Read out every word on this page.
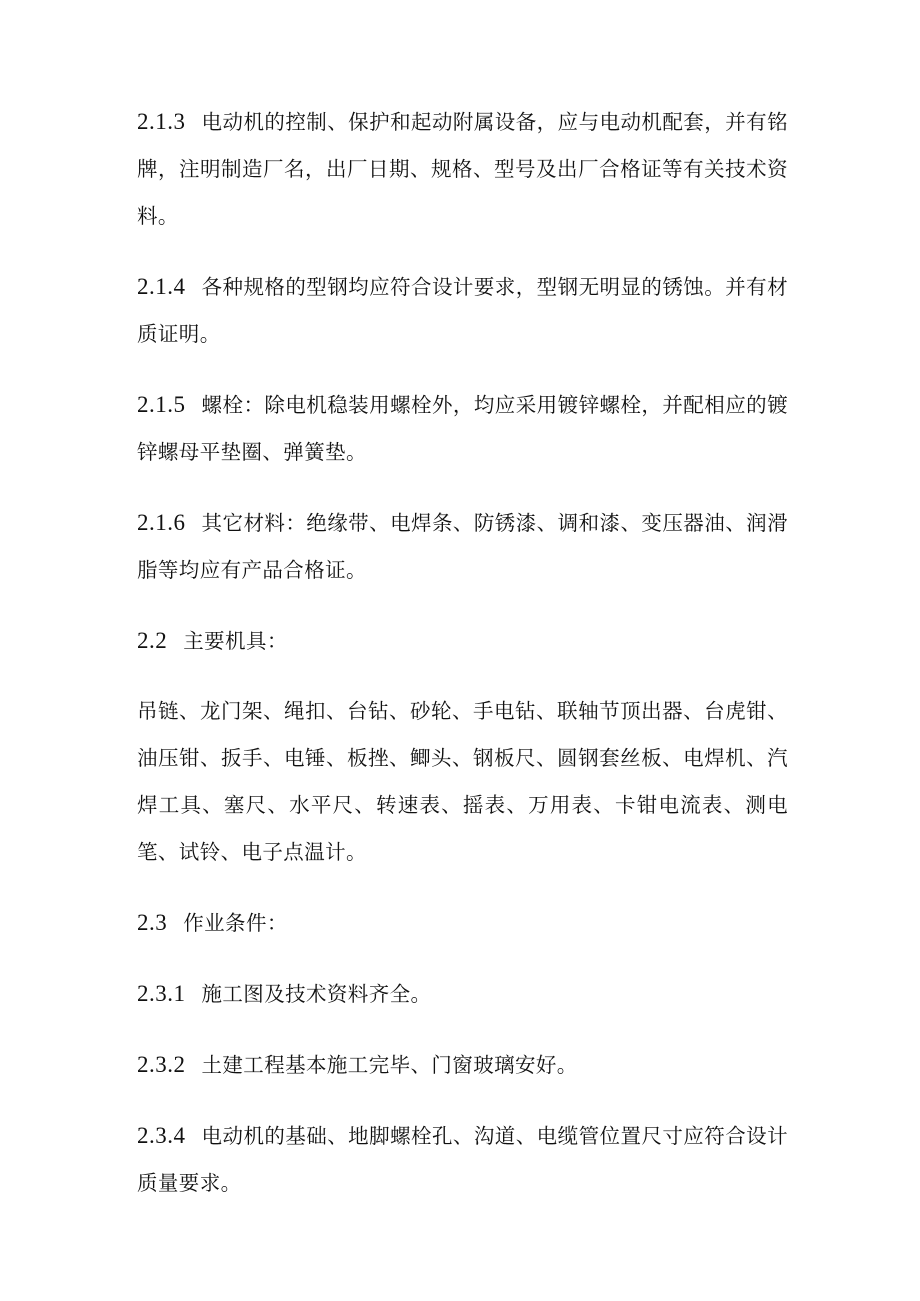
2.1.3 电动机的控制、保护和起动附属设备，应与电动机配套，并有铭牌，注明制造厂名，出厂日期、规格、型号及出厂合格证等有关技术资料。

2.1.4 各种规格的型钢均应符合设计要求，型钢无明显的锈蚀。并有材质证明。

2.1.5 螺栓：除电机稳装用螺栓外，均应采用镀锌螺栓，并配相应的镀锌螺母平垫圈、弹簧垫。

2.1.6 其它材料：绝缘带、电焊条、防锈漆、调和漆、变压器油、润滑脂等均应有产品合格证。

2.2 主要机具：

吊链、龙门架、绳扣、台钻、砂轮、手电钻、联轴节顶出器、台虎钳、油压钳、扳手、电锤、板挫、鲫头、钢板尺、圆钢套丝板、电焊机、汽焊工具、塞尺、水平尺、转速表、摇表、万用表、卡钳电流表、测电笔、试铃、电子点温计。

2.3 作业条件：

2.3.1 施工图及技术资料齐全。

2.3.2 土建工程基本施工完毕、门窗玻璃安好。

2.3.4 电动机的基础、地脚螺栓孔、沟道、电缆管位置尺寸应符合设计质量要求。
